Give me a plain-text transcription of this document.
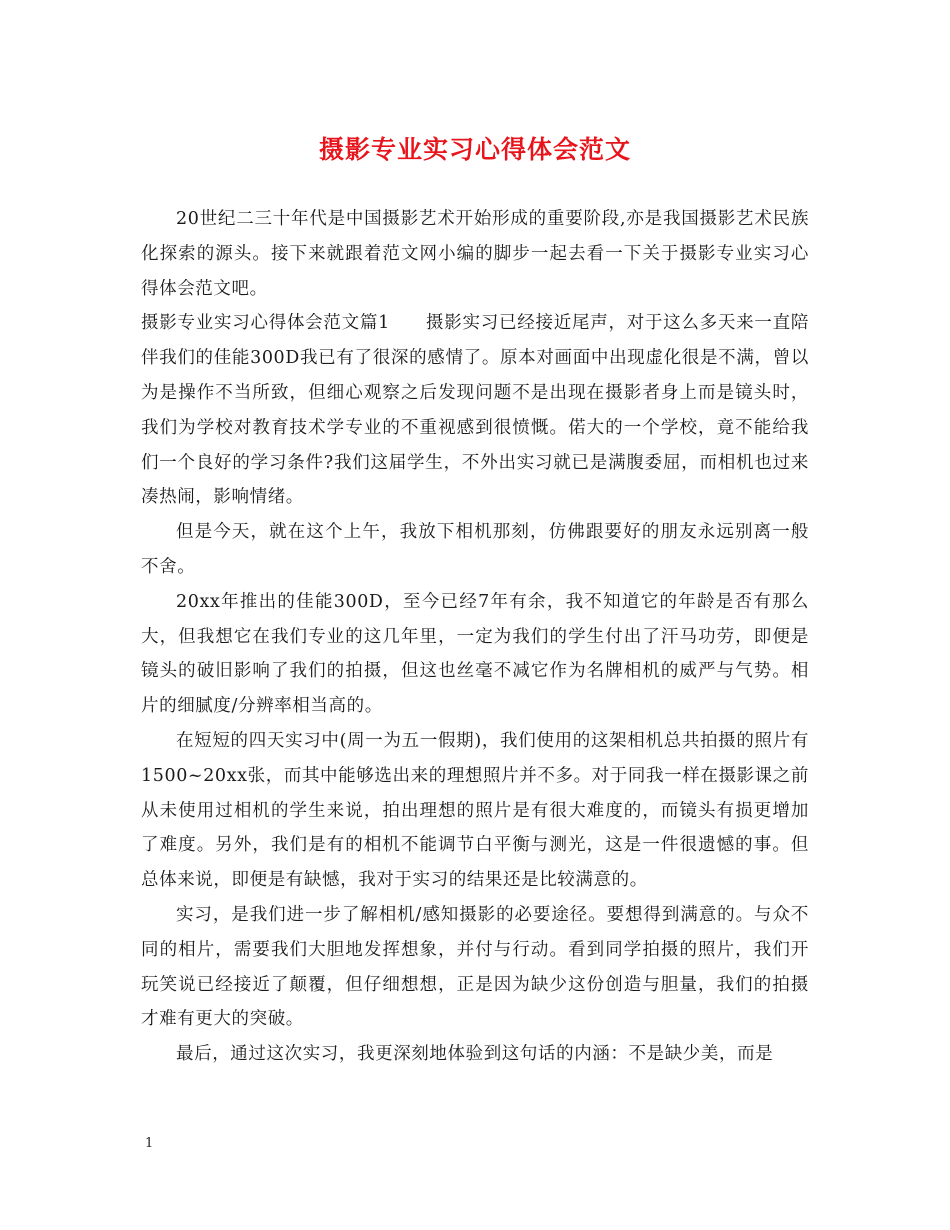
摄影专业实习心得体会范文

20世纪二三十年代是中国摄影艺术开始形成的重要阶段,亦是我国摄影艺术民族化探索的源头。接下来就跟着范文网小编的脚步一起去看一下关于摄影专业实习心得体会范文吧。

摄影专业实习心得体会范文篇1 摄影实习已经接近尾声，对于这么多天来一直陪伴我们的佳能300D我已有了很深的感情了。原本对画面中出现虚化很是不满，曾以为是操作不当所致，但细心观察之后发现问题不是出现在摄影者身上而是镜头时，我们为学校对教育技术学专业的不重视感到很愤慨。偌大的一个学校，竟不能给我们一个良好的学习条件?我们这届学生，不外出实习就已是满腹委屈，而相机也过来凑热闹，影响情绪。

但是今天，就在这个上午，我放下相机那刻，仿佛跟要好的朋友永远别离一般不舍。

20xx年推出的佳能300D，至今已经7年有余，我不知道它的年龄是否有那么大，但我想它在我们专业的这几年里，一定为我们的学生付出了汗马功劳，即便是镜头的破旧影响了我们的拍摄，但这也丝毫不减它作为名牌相机的威严与气势。相片的细腻度/分辨率相当高的。

在短短的四天实习中(周一为五一假期)，我们使用的这架相机总共拍摄的照片有1500~20xx张，而其中能够选出来的理想照片并不多。对于同我一样在摄影课之前从未使用过相机的学生来说，拍出理想的照片是有很大难度的，而镜头有损更增加了难度。另外，我们是有的相机不能调节白平衡与测光，这是一件很遗憾的事。但总体来说，即便是有缺憾，我对于实习的结果还是比较满意的。

实习，是我们进一步了解相机/感知摄影的必要途径。要想得到满意的。与众不同的相片，需要我们大胆地发挥想象，并付与行动。看到同学拍摄的照片，我们开玩笑说已经接近了颠覆，但仔细想想，正是因为缺少这份创造与胆量，我们的拍摄才难有更大的突破。

最后，通过这次实习，我更深刻地体验到这句话的内涵：不是缺少美，而是

1
